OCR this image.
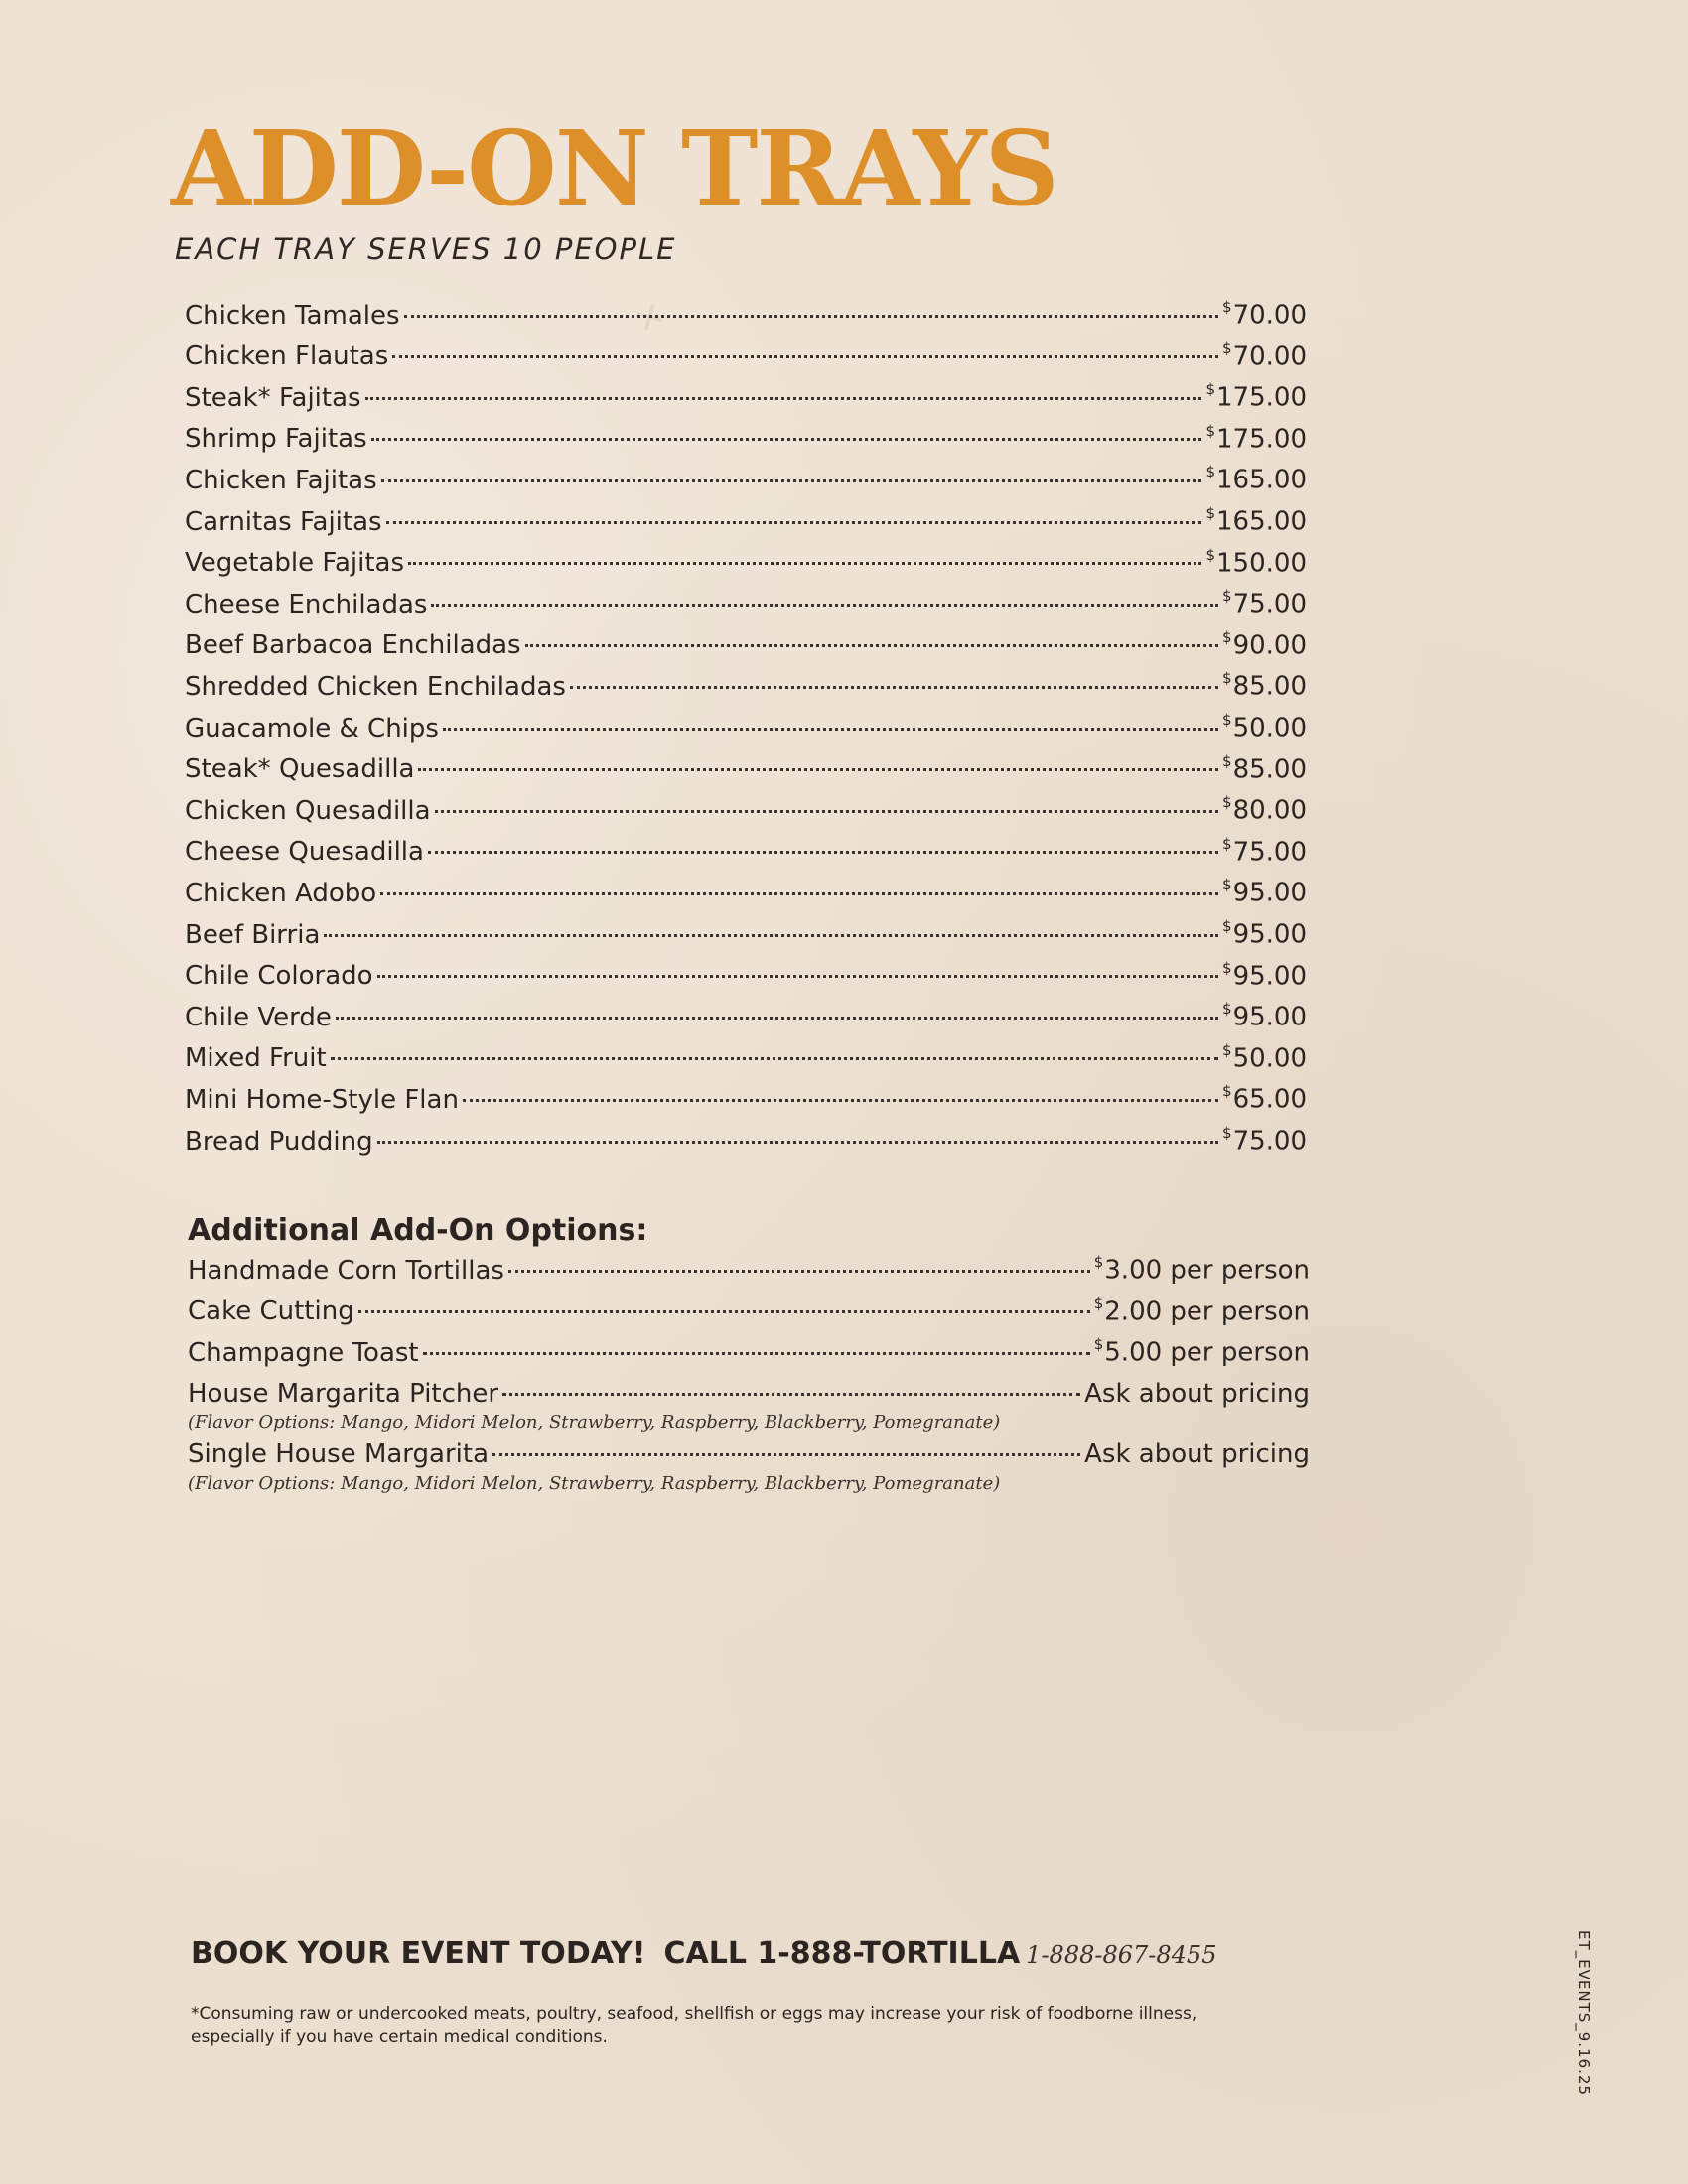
✕
ADD-ON TRAYS
EACH TRAY SERVES 10 PEOPLE
Chicken Tamales	$70.00
Chicken Flautas	$70.00
Steak* Fajitas	$175.00
Shrimp Fajitas	$175.00
Chicken Fajitas	$165.00
Carnitas Fajitas	$165.00
Vegetable Fajitas	$150.00
Cheese Enchiladas	$75.00
Beef Barbacoa Enchiladas	$90.00
Shredded Chicken Enchiladas	$85.00
Guacamole & Chips	$50.00
Steak* Quesadilla	$85.00
Chicken Quesadilla	$80.00
Cheese Quesadilla	$75.00
Chicken Adobo	$95.00
Beef Birria	$95.00
Chile Colorado	$95.00
Chile Verde	$95.00
Mixed Fruit	$50.00
Mini Home-Style Flan	$65.00
Bread Pudding	$75.00
Additional Add-On Options:
Handmade Corn Tortillas	$3.00 per person
Cake Cutting	$2.00 per person
Champagne Toast	$5.00 per person
House Margarita Pitcher	Ask about pricing
(Flavor Options: Mango, Midori Melon, Strawberry, Raspberry, Blackberry, Pomegranate)
Single House Margarita	Ask about pricing
(Flavor Options: Mango, Midori Melon, Strawberry, Raspberry, Blackberry, Pomegranate)
BOOK YOUR EVENT TODAY! CALL 1-888-TORTILLA 1-888-867-8455
*Consuming raw or undercooked meats, poultry, seafood, shellfish or eggs may increase your risk of foodborne illness, especially if you have certain medical conditions.	ET_EVENTS_9.16.25
